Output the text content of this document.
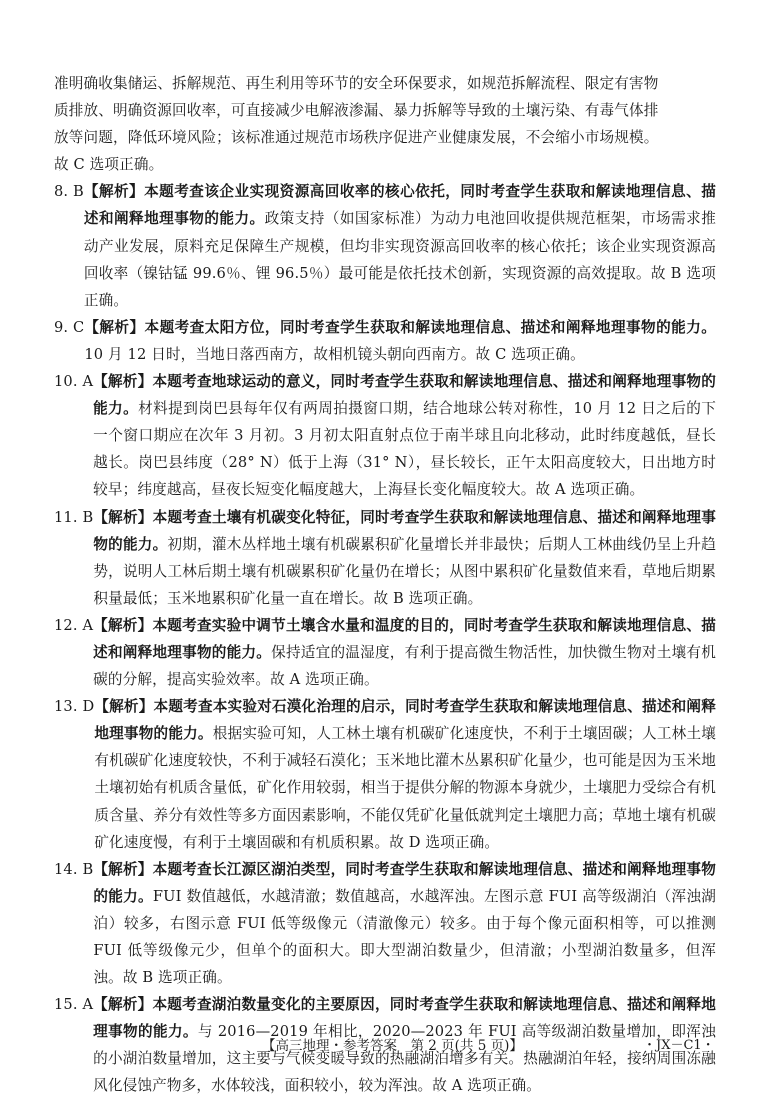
准明确收集储运、拆解规范、再生利用等环节的安全环保要求，如规范拆解流程、限定有害物
质排放、明确资源回收率，可直接减少电解液渗漏、暴力拆解等导致的土壤污染、有毒气体排
放等问题，降低环境风险；该标准通过规范市场秩序促进产业健康发展，不会缩小市场规模。
故 C 选项正确。
8. B 【解析】本题考查该企业实现资源高回收率的核心依托，同时考查学生获取和解读地理信息、描述和阐释地理事物的能力。政策支持（如国家标准）为动力电池回收提供规范框架，市场需求推动产业发展，原料充足保障生产规模，但均非实现资源高回收率的核心依托；该企业实现资源高回收率（镍钴锰 99.6％、锂 96.5％）最可能是依托技术创新，实现资源的高效提取。故 B 选项正确。
9. C 【解析】本题考查太阳方位，同时考查学生获取和解读地理信息、描述和阐释地理事物的能力。10 月 12 日时，当地日落西南方，故相机镜头朝向西南方。故 C 选项正确。
10. A 【解析】本题考查地球运动的意义，同时考查学生获取和解读地理信息、描述和阐释地理事物的能力。材料提到岗巴县每年仅有两周拍摄窗口期，结合地球公转对称性，10 月 12 日之后的下一个窗口期应在次年 3 月初。3 月初太阳直射点位于南半球且向北移动，此时纬度越低，昼长越长。岗巴县纬度（28° N）低于上海（31° N），昼长较长，正午太阳高度较大，日出地方时较早；纬度越高，昼夜长短变化幅度越大，上海昼长变化幅度较大。故 A 选项正确。
11. B 【解析】本题考查土壤有机碳变化特征，同时考查学生获取和解读地理信息、描述和阐释地理事物的能力。初期，灌木丛样地土壤有机碳累积矿化量增长并非最快；后期人工林曲线仍呈上升趋势，说明人工林后期土壤有机碳累积矿化量仍在增长；从图中累积矿化量数值来看，草地后期累积量最低；玉米地累积矿化量一直在增长。故 B 选项正确。
12. A 【解析】本题考查实验中调节土壤含水量和温度的目的，同时考查学生获取和解读地理信息、描述和阐释地理事物的能力。保持适宜的温湿度，有利于提高微生物活性，加快微生物对土壤有机碳的分解，提高实验效率。故 A 选项正确。
13. D 【解析】本题考查本实验对石漠化治理的启示，同时考查学生获取和解读地理信息、描述和阐释地理事物的能力。根据实验可知，人工林土壤有机碳矿化速度快，不利于土壤固碳；人工林土壤有机碳矿化速度较快，不利于减轻石漠化；玉米地比灌木丛累积矿化量少，也可能是因为玉米地土壤初始有机质含量低，矿化作用较弱，相当于提供分解的物源本身就少，土壤肥力受综合有机质含量、养分有效性等多方面因素影响，不能仅凭矿化量低就判定土壤肥力高；草地土壤有机碳矿化速度慢，有利于土壤固碳和有机质积累。故 D 选项正确。
14. B 【解析】本题考查长江源区湖泊类型，同时考查学生获取和解读地理信息、描述和阐释地理事物的能力。FUI 数值越低，水越清澈；数值越高，水越浑浊。左图示意 FUI 高等级湖泊（浑浊湖泊）较多，右图示意 FUI 低等级像元（清澈像元）较多。由于每个像元面积相等，可以推测 FUI 低等级像元少，但单个的面积大。即大型湖泊数量少，但清澈；小型湖泊数量多，但浑浊。故 B 选项正确。
15. A 【解析】本题考查湖泊数量变化的主要原因，同时考查学生获取和解读地理信息、描述和阐释地理事物的能力。与 2016—2019 年相比，2020—2023 年 FUI 高等级湖泊数量增加，即浑浊的小湖泊数量增加，这主要与气候变暖导致的热融湖泊增多有关。热融湖泊年轻，接纳周围冻融风化侵蚀产物多，水体较浅，面积较小，较为浑浊。故 A 选项正确。
【高三地理・参考答案　第 2 页(共 5 页)】	・JX－C1・
